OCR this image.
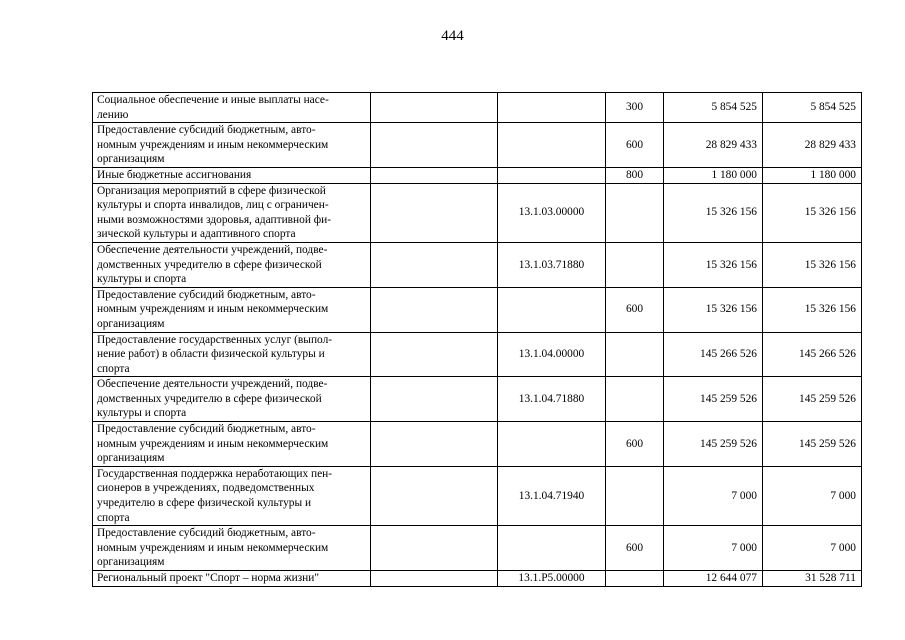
444
Социальное обеспечение и иные выплаты насе-
лению			300	5 854 525	5 854 525
Предоставление субсидий бюджетным, авто-
номным учреждениям и иным некоммерческим
организациям			600	28 829 433	28 829 433
Иные бюджетные ассигнования			800	1 180 000	1 180 000
Организация мероприятий в сфере физической
культуры и спорта инвалидов, лиц с ограничен-
ными возможностями здоровья, адаптивной фи-
зической культуры и адаптивного спорта		13.1.03.00000		15 326 156	15 326 156
Обеспечение деятельности учреждений, подве-
домственных учредителю в сфере физической
культуры и спорта		13.1.03.71880		15 326 156	15 326 156
Предоставление субсидий бюджетным, авто-
номным учреждениям и иным некоммерческим
организациям			600	15 326 156	15 326 156
Предоставление государственных услуг (выпол-
нение работ) в области физической культуры и
спорта		13.1.04.00000		145 266 526	145 266 526
Обеспечение деятельности учреждений, подве-
домственных учредителю в сфере физической
культуры и спорта		13.1.04.71880		145 259 526	145 259 526
Предоставление субсидий бюджетным, авто-
номным учреждениям и иным некоммерческим
организациям			600	145 259 526	145 259 526
Государственная поддержка неработающих пен-
сионеров в учреждениях, подведомственных
учредителю в сфере физической культуры и
спорта		13.1.04.71940		7 000	7 000
Предоставление субсидий бюджетным, авто-
номным учреждениям и иным некоммерческим
организациям			600	7 000	7 000
Региональный проект "Спорт – норма жизни"		13.1.P5.00000		12 644 077	31 528 711
